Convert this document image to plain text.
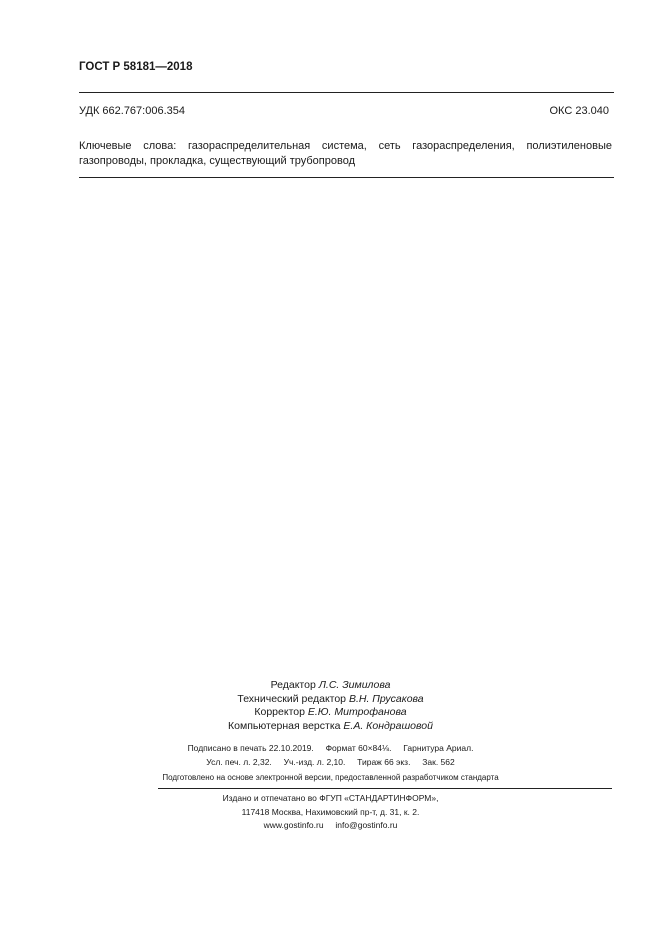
ГОСТ Р 58181—2018
УДК 662.767:006.354	ОКС 23.040
Ключевые слова: газораспределительная система, сеть газораспределения, полиэтиленовые газопроводы, прокладка, существующий трубопровод
Редактор Л.С. Зимилова
Технический редактор В.Н. Прусакова
Корректор Е.Ю. Митрофанова
Компьютерная верстка Е.А. Кондрашовой
Подписано в печать 22.10.2019.     Формат 60×84⅛.     Гарнитура Ариал.
Усл. печ. л. 2,32.     Уч.-изд. л. 2,10.     Тираж 66 экз.     Зак. 562
Подготовлено на основе электронной версии, предоставленной разработчиком стандарта
Издано и отпечатано во ФГУП «СТАНДАРТИНФОРМ»,
117418 Москва, Нахимовский пр-т, д. 31, к. 2.
www.gostinfo.ru     info@gostinfo.ru
